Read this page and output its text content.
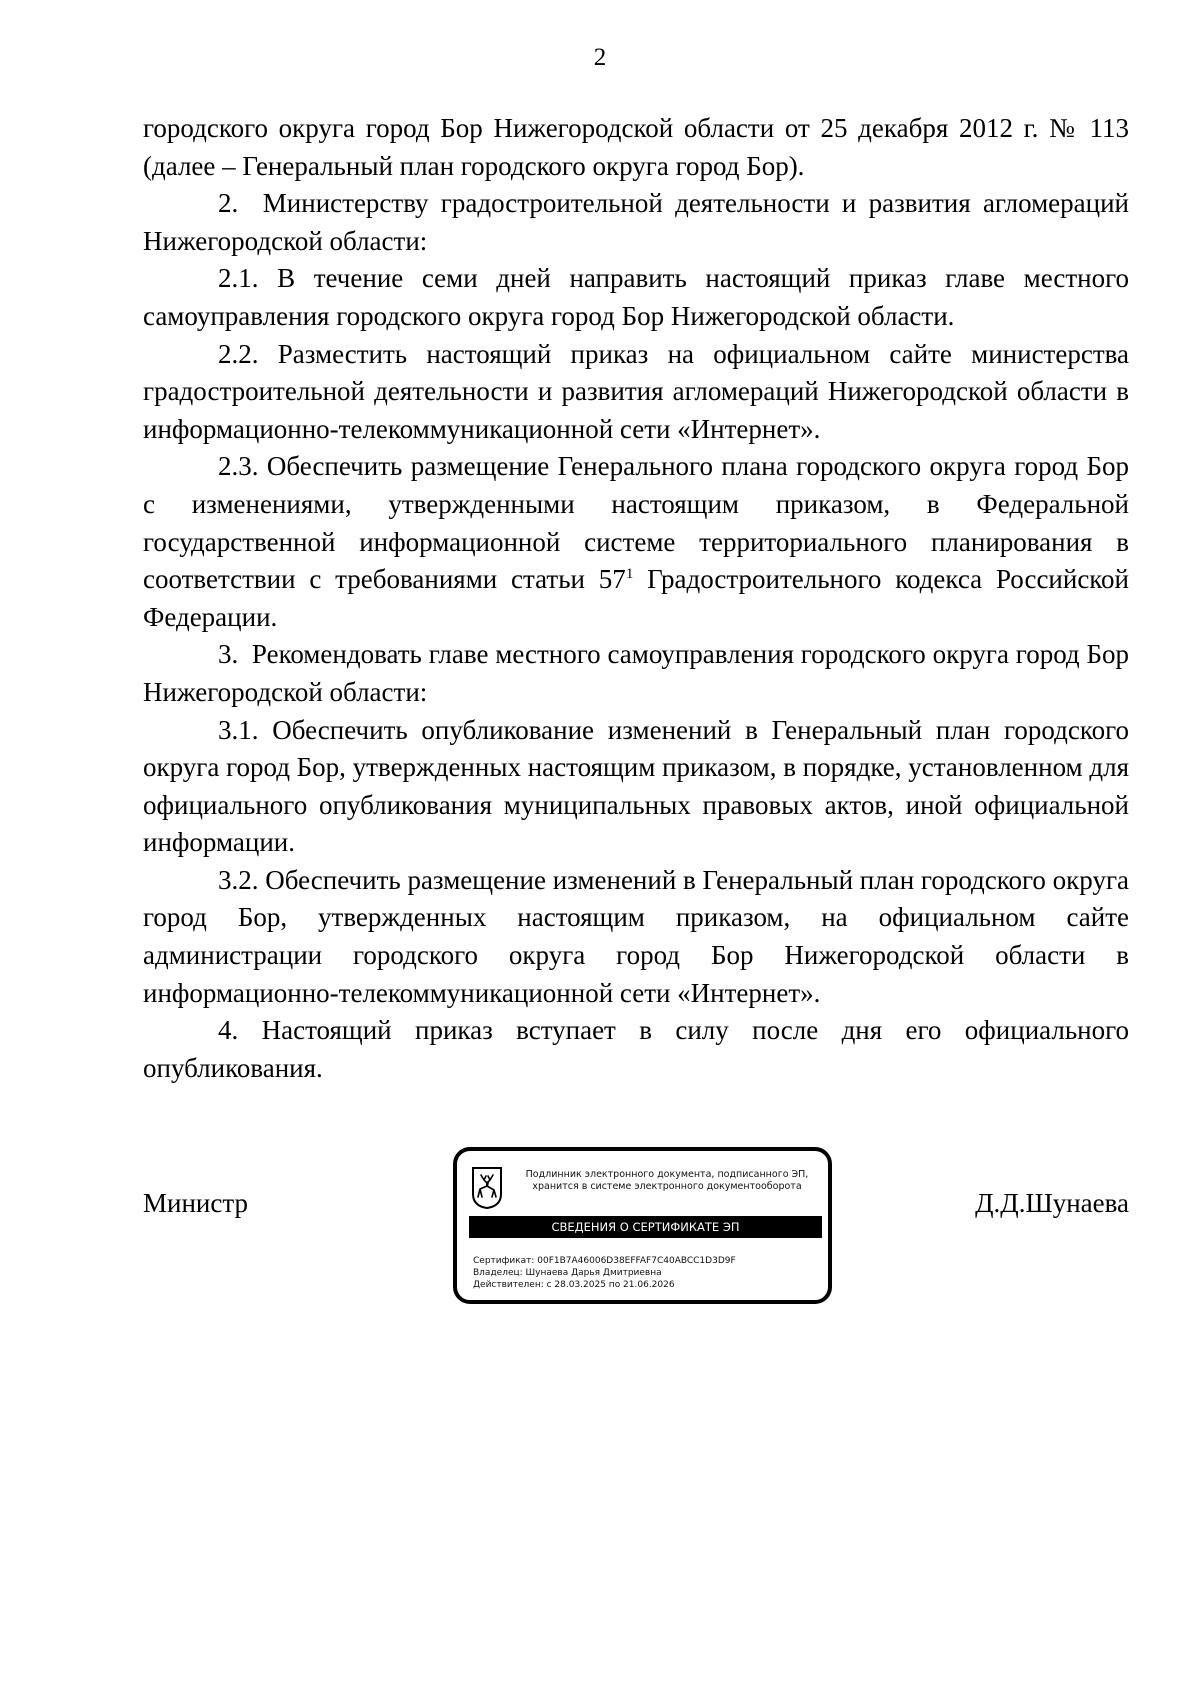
2

городского округа город Бор Нижегородской области от 25 декабря 2012 г. № 113 (далее – Генеральный план городского округа город Бор).

2.  Министерству градостроительной деятельности и развития агломераций Нижегородской области:

2.1. В течение семи дней направить настоящий приказ главе местного самоуправления городского округа город Бор Нижегородской области.

2.2. Разместить настоящий приказ на официальном сайте министерства градостроительной деятельности и развития агломераций Нижегородской области в информационно-телекоммуникационной сети «Интернет».

2.3. Обеспечить размещение Генерального плана городского округа город Бор с изменениями, утвержденными настоящим приказом, в Федеральной государственной информационной системе территориального планирования в соответствии с требованиями статьи $57^1$ Градостроительного кодекса Российской Федерации.

3.  Рекомендовать главе местного самоуправления городского округа город Бор Нижегородской области:

3.1. Обеспечить опубликование изменений в Генеральный план городского округа город Бор, утвержденных настоящим приказом, в порядке, установленном для официального опубликования муниципальных правовых актов, иной официальной информации.

3.2. Обеспечить размещение изменений в Генеральный план городского округа город Бор, утвержденных настоящим приказом, на официальном сайте администрации городского округа город Бор Нижегородской области в информационно-телекоммуникационной сети «Интернет».

4. Настоящий приказ вступает в силу после дня его официального опубликования.

Министр
Подлинник электронного документа, подписанного ЭП,
хранится в системе электронного документооборота
СВЕДЕНИЯ О СЕРТИФИКАТЕ ЭП
Сертификат: 00F1B7A46006D38EFFAF7C40ABCC1D3D9F
Владелец: Шунаева Дарья Дмитриевна
Действителен: с 28.03.2025 по 21.06.2026
Д.Д.Шунаева
